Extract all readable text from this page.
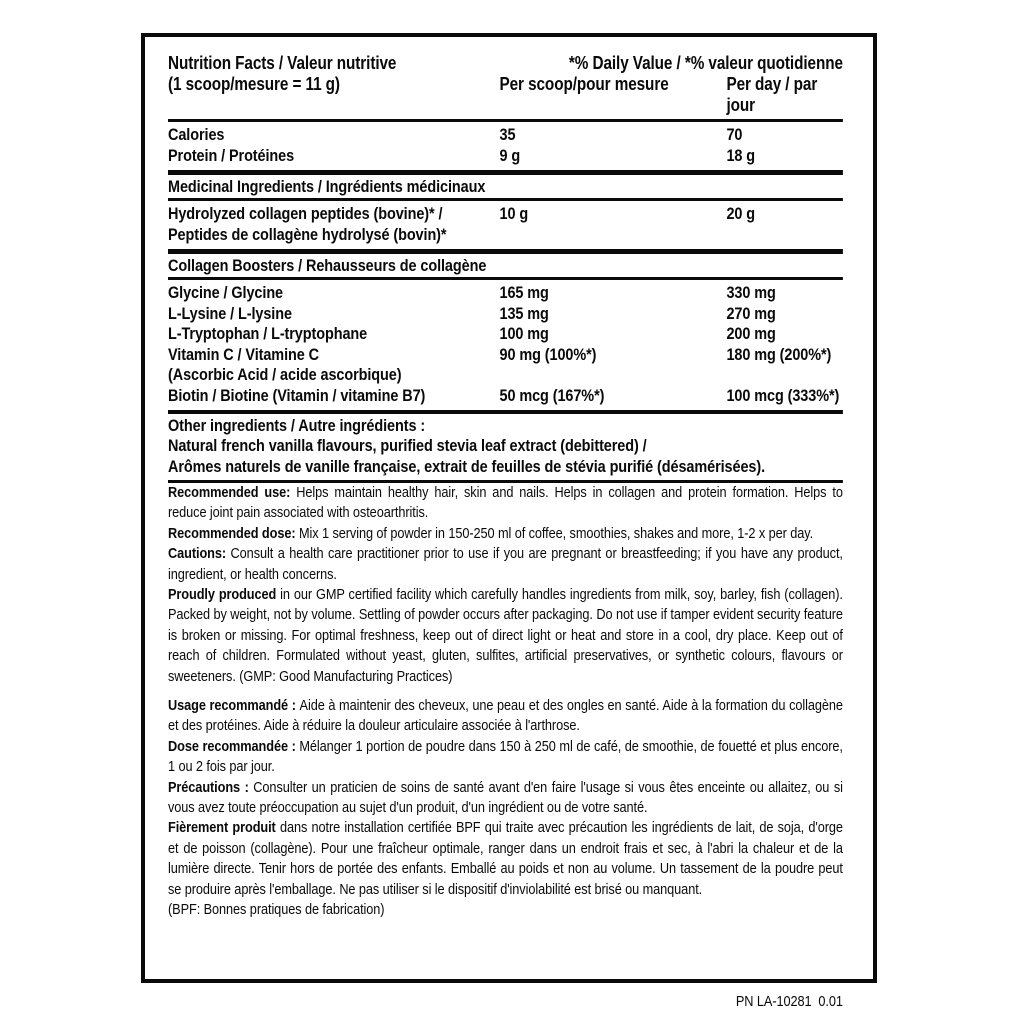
Nutrition Facts / Valeur nutritive	*% Daily Value / *% valeur quotidienne
(1 scoop/mesure = 11 g)	Per scoop/pour mesure	Per day / par jour
Calories	35	70
Protein / Protéines	9 g	18 g
Medicinal Ingredients / Ingrédients médicinaux
Hydrolyzed collagen peptides (bovine)* /
Peptides de collagène hydrolysé (bovin)*
10 g	20 g
Collagen Boosters / Rehausseurs de collagène
Glycine / Glycine	165 mg	330 mg
L-Lysine / L-lysine	135 mg	270 mg
L-Tryptophan / L-tryptophane	100 mg	200 mg
Vitamin C / Vitamine C
(Ascorbic Acid / acide ascorbique)
90 mg (100%*)	180 mg (200%*)
Biotin / Biotine (Vitamin / vitamine B7)	50 mcg (167%*)	100 mcg (333%*)
Other ingredients / Autre ingrédients :
Natural french vanilla flavours, purified stevia leaf extract (debittered) /
Arômes naturels de vanille française, extrait de feuilles de stévia purifié (désamérisées).

Recommended use: Helps maintain healthy hair, skin and nails. Helps in collagen and protein formation. Helps to reduce joint pain associated with osteoarthritis.

Recommended dose: Mix 1 serving of powder in 150-250 ml of coffee, smoothies, shakes and more, 1-2 x per day.

Cautions: Consult a health care practitioner prior to use if you are pregnant or breastfeeding; if you have any product, ingredient, or health concerns.

Proudly produced in our GMP certified facility which carefully handles ingredients from milk, soy, barley, fish (collagen). Packed by weight, not by volume. Settling of powder occurs after packaging. Do not use if tamper evident security feature is broken or missing. For optimal freshness, keep out of direct light or heat and store in a cool, dry place. Keep out of reach of children. Formulated without yeast, gluten, sulfites, artificial preservatives, or synthetic colours, flavours or sweeteners. (GMP: Good Manufacturing Practices)

Usage recommandé : Aide à maintenir des cheveux, une peau et des ongles en santé. Aide à la formation du collagène et des protéines. Aide à réduire la douleur articulaire associée à l'arthrose.

Dose recommandée : Mélanger 1 portion de poudre dans 150 à 250 ml de café, de smoothie, de fouetté et plus encore, 1 ou 2 fois par jour.

Précautions : Consulter un praticien de soins de santé avant d'en faire l'usage si vous êtes enceinte ou allaitez, ou si vous avez toute préoccupation au sujet d'un produit, d'un ingrédient ou de votre santé.

Fièrement produit dans notre installation certifiée BPF qui traite avec précaution les ingrédients de lait, de soja, d'orge et de poisson (collagène). Pour une fraîcheur optimale, ranger dans un endroit frais et sec, à l'abri la chaleur et de la lumière directe. Tenir hors de portée des enfants. Emballé au poids et non au volume. Un tassement de la poudre peut se produire après l'emballage. Ne pas utiliser si le dispositif d'inviolabilité est brisé ou manquant.

(BPF: Bonnes pratiques de fabrication)

PN LA-10281  0.01
